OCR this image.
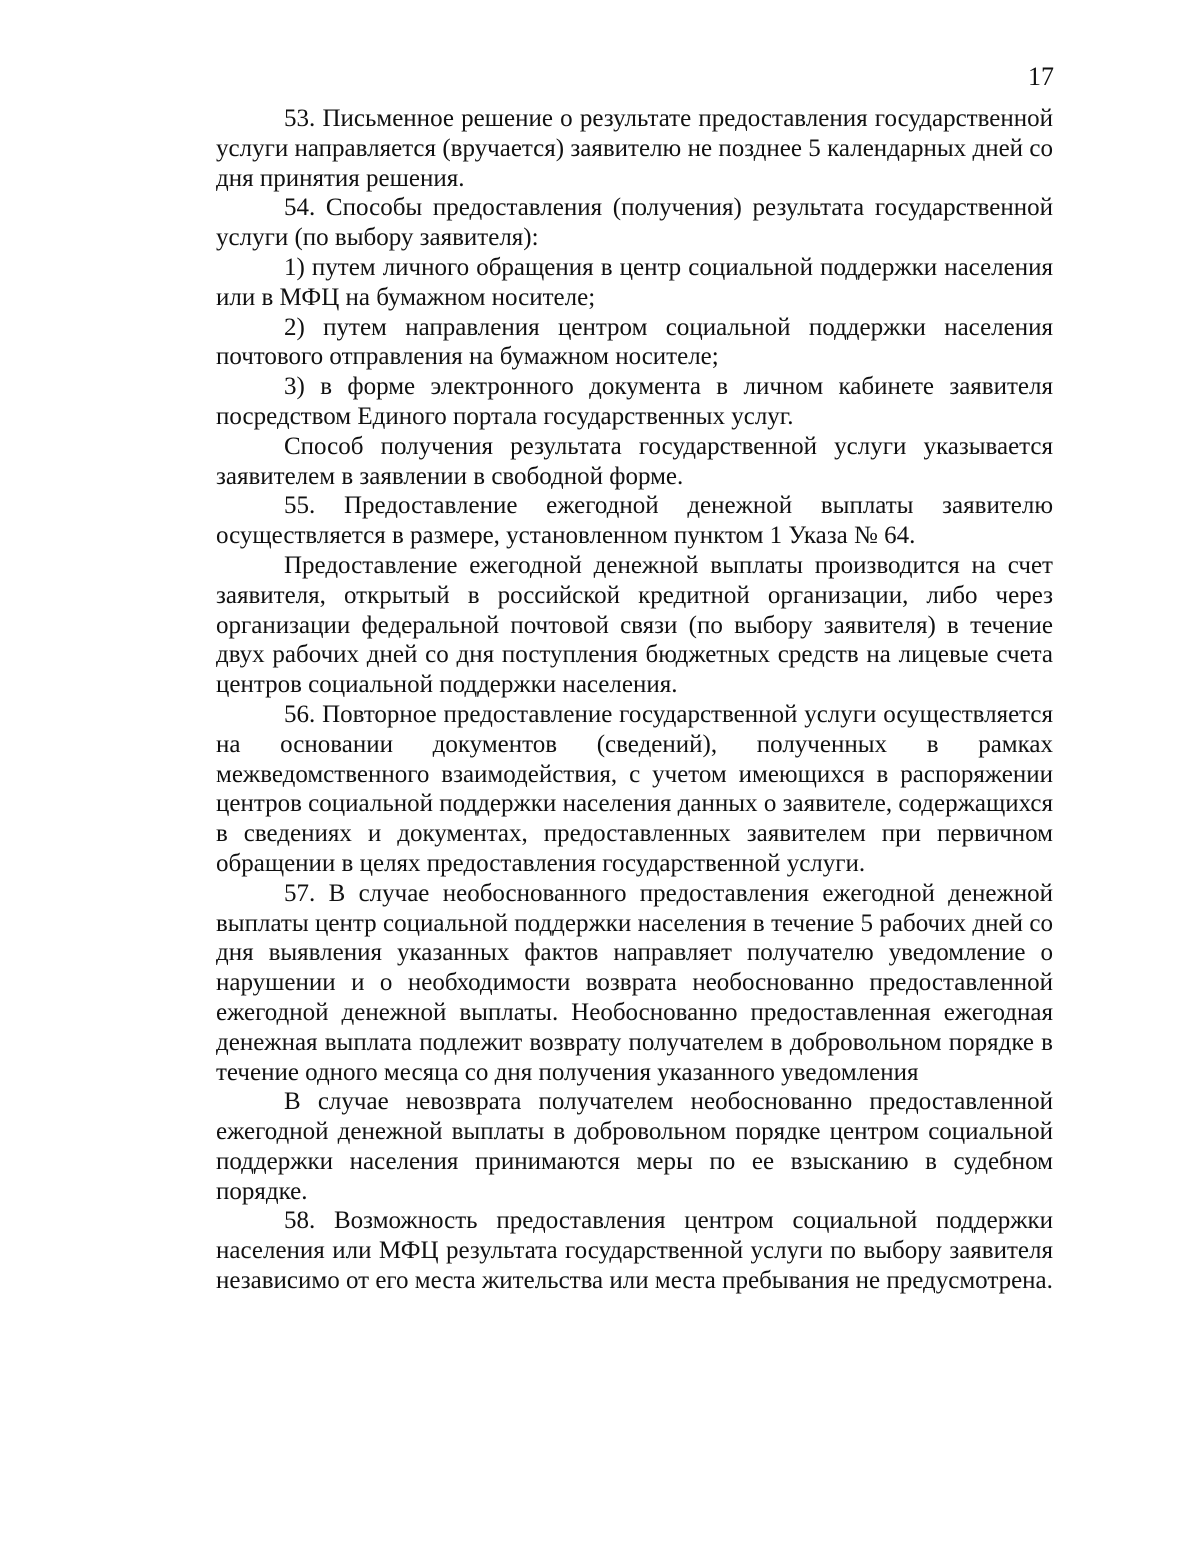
17

53. Письменное решение о результате предоставления государственной услуги направляется (вручается) заявителю не позднее 5 календарных дней со дня принятия решения.

54. Способы предоставления (получения) результата государственной услуги (по выбору заявителя):

1) путем личного обращения в центр социальной поддержки населения или в МФЦ на бумажном носителе;

2) путем направления центром социальной поддержки населения почтового отправления на бумажном носителе;

3) в форме электронного документа в личном кабинете заявителя посредством Единого портала государственных услуг.

Способ получения результата государственной услуги указывается заявителем в заявлении в свободной форме.

55. Предоставление ежегодной денежной выплаты заявителю осуществляется в размере, установленном пунктом 1 Указа № 64.

Предоставление ежегодной денежной выплаты производится на счет заявителя, открытый в российской кредитной организации, либо через организации федеральной почтовой связи (по выбору заявителя) в течение двух рабочих дней со дня поступления бюджетных средств на лицевые счета центров социальной поддержки населения.

56. Повторное предоставление государственной услуги осуществляется на основании документов (сведений), полученных в рамках межведомственного взаимодействия, с учетом имеющихся в распоряжении центров социальной поддержки населения данных о заявителе, содержащихся в сведениях и документах, предоставленных заявителем при первичном обращении в целях предоставления государственной услуги.

57. В случае необоснованного предоставления ежегодной денежной выплаты центр социальной поддержки населения в течение 5 рабочих дней со дня выявления указанных фактов направляет получателю уведомление о нарушении и о необходимости возврата необоснованно предоставленной ежегодной денежной выплаты. Необоснованно предоставленная ежегодная денежная выплата подлежит возврату получателем в добровольном порядке в течение одного месяца со дня получения указанного уведомления

В случае невозврата получателем необоснованно предоставленной ежегодной денежной выплаты в добровольном порядке центром социальной поддержки населения принимаются меры по ее взысканию в судебном порядке.

58. Возможность предоставления центром социальной поддержки населения или МФЦ результата государственной услуги по выбору заявителя независимо от его места жительства или места пребывания не предусмотрена.
